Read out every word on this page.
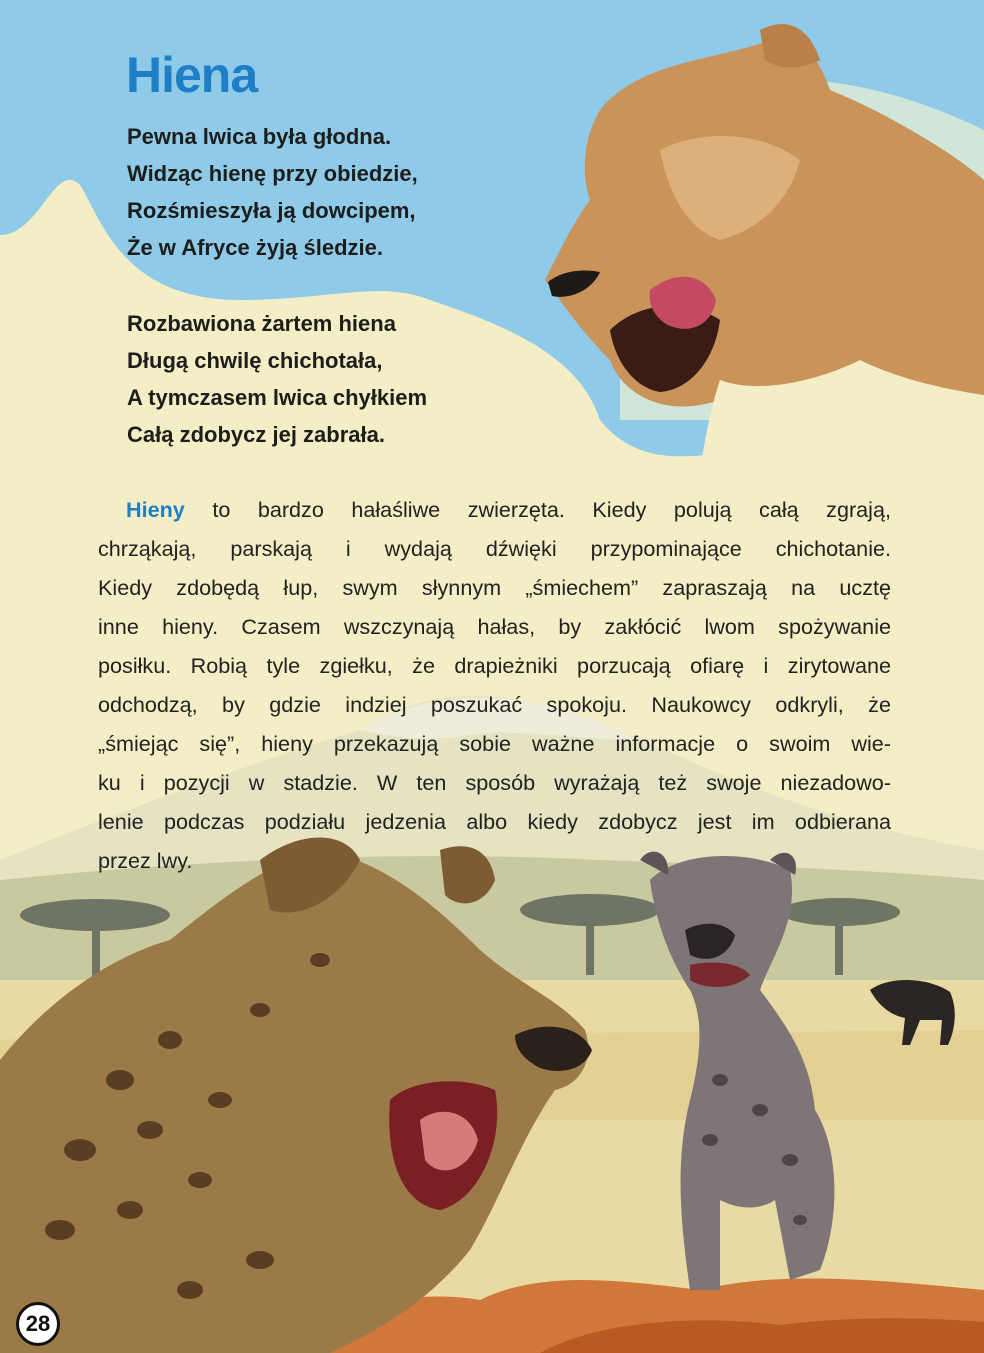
Hiena
Pewna lwica była głodna.
Widząc hienę przy obiedzie,
Rozśmieszyła ją dowcipem,
Że w Afryce żyją śledzie.
Rozbawiona żartem hiena
Długą chwilę chichotała,
A tymczasem lwica chyłkiem
Całą zdobycz jej zabrała.
Hieny to bardzo hałaśliwe zwierzęta. Kiedy polują całą zgrają,
chrząkają, parskają i wydają dźwięki przypominające chichotanie.
Kiedy zdobędą łup, swym słynnym „śmiechem” zapraszają na ucztę
inne hieny. Czasem wszczynają hałas, by zakłócić lwom spożywanie
posiłku. Robią tyle zgiełku, że drapieżniki porzucają ofiarę i zirytowane
odchodzą, by gdzie indziej poszukać spokoju. Naukowcy odkryli, że
„śmiejąc się”, hieny przekazują sobie ważne informacje o swoim wie-
ku i pozycji w stadzie. W ten sposób wyrażają też swoje niezadowo-
lenie podczas podziału jedzenia albo kiedy zdobycz jest im odbierana
przez lwy.
28
